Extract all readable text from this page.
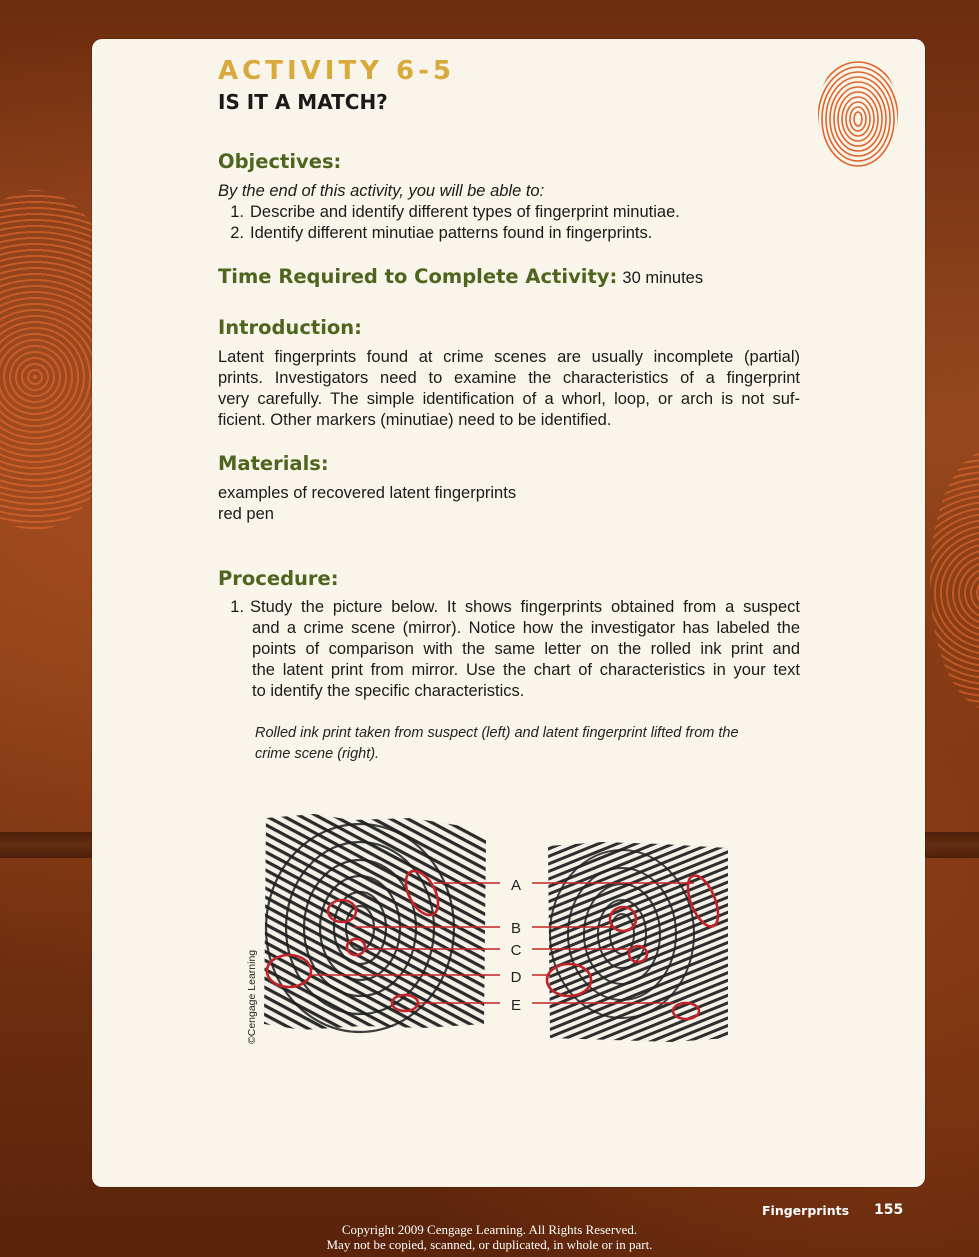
ACTIVITY 6-5
IS IT A MATCH?
Objectives:
By the end of this activity, you will be able to:
1. Describe and identify different types of fingerprint minutiae.
2. Identify different minutiae patterns found in fingerprints.
Time Required to Complete Activity: 30 minutes
Introduction:
Latent fingerprints found at crime scenes are usually incomplete (partial)
prints. Investigators need to examine the characteristics of a fingerprint
very carefully. The simple identification of a whorl, loop, or arch is not suf-
ficient. Other markers (minutiae) need to be identified.
Materials:
examples of recovered latent fingerprints
red pen
Procedure:
1. Study the picture below. It shows fingerprints obtained from a suspect
and a crime scene (mirror). Notice how the investigator has labeled the
points of comparison with the same letter on the rolled ink print and
the latent print from mirror. Use the chart of characteristics in your text
to identify the specific characteristics.
Rolled ink print taken from suspect (left) and latent fingerprint lifted from the
crime scene (right).
A
B
C
D
E
©Cengage Learning
Fingerprints 155
Copyright 2009 Cengage Learning. All Rights Reserved.
May not be copied, scanned, or duplicated, in whole or in part.
